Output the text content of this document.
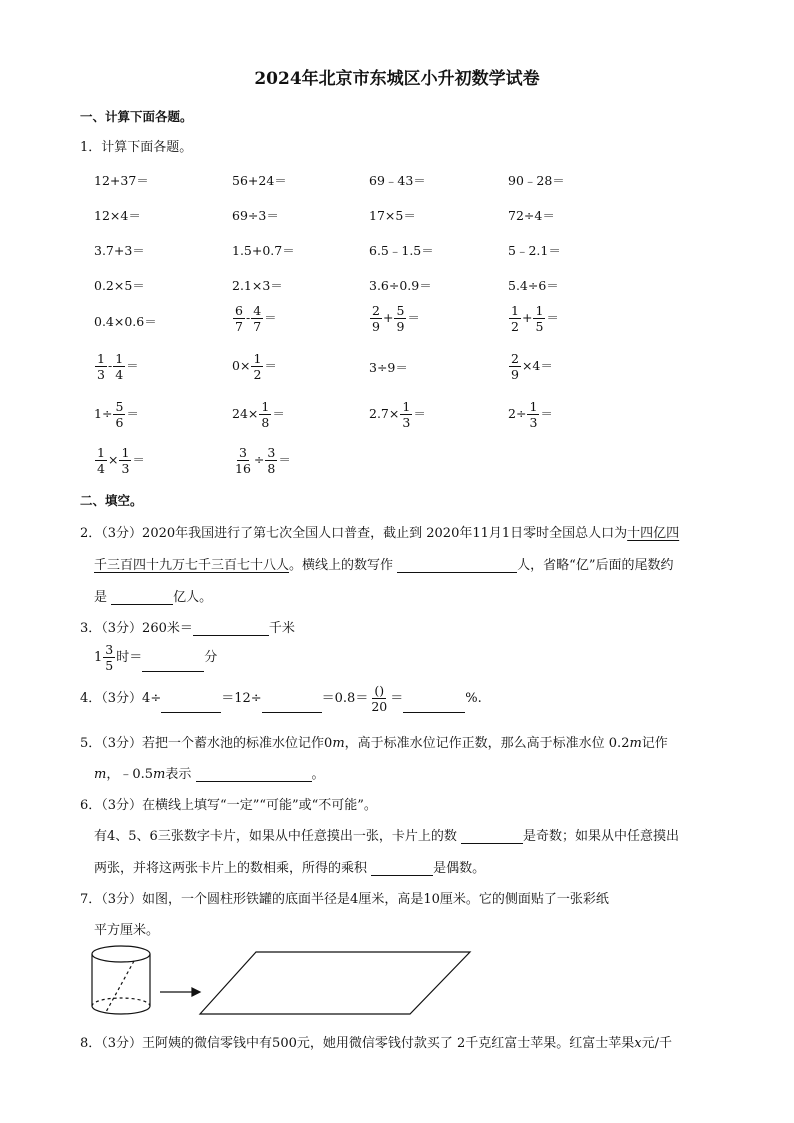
2024年北京市东城区小升初数学试卷
一、计算下面各题。
1．计算下面各题。
12+37＝	56+24＝	69﹣43＝	90﹣28＝
12×4＝	69÷3＝	17×5＝	72÷4＝
3.7+3＝	1.5+0.7＝	6.5﹣1.5＝	5﹣2.1＝
0.2×5＝	2.1×3＝	3.6÷0.9＝	5.4÷6＝
0.4×0.6＝	$\frac{6}{7} - \frac{4}{7}$ ＝	$\frac{2}{9} + \frac{5}{9}$ ＝	$\frac{1}{2} + \frac{1}{5}$ ＝
$\frac{1}{3} - \frac{1}{4}$ ＝	$0\times \frac{1}{2}$ ＝	3÷9＝	$\frac{2}{9} \times 4=$
$1\div \frac{5}{6}$ ＝	$24\times \frac{1}{8}$ ＝	$2.7\times \frac{1}{3}$ ＝	$2\div \frac{1}{3}$ ＝
$\frac{1}{4} \times \frac{1}{3}$ ＝	$\frac{3}{16} \div \frac{3}{8}$ ＝
二、填空。
2．（3分）2020年我国进行了第七次全国人口普查，截止到 2020年11月1日零时全国总人口为十四亿四
千三百四十九万七千三百七十八人。横线上的数写作	人，省略“亿”后面的尾数约
是	亿人。
3．（3分）260米＝	千米
$1 \frac{3}{5}$ 时＝	分
4．（3分）4÷	＝12÷	$=0.8= \frac{()}{20}$ ＝	%.
5．（3分）若把一个蓄水池的标准水位记作0m，高于标准水位记作正数，那么高于标准水位 0.2m记作
m，﹣0.5m表示	。
6．（3分）在横线上填写“一定”“可能”或“不可能”。
有4、5、6三张数字卡片，如果从中任意摸出一张，卡片上的数	是奇数；如果从中任意摸出
两张，并将这两张卡片上的数相乘，所得的乘积	是偶数。
7．（3分）如图，一个圆柱形铁罐的底面半径是4厘米，高是10厘米。它的侧面贴了一张彩纸
平方厘米。
8．（3分）王阿姨的微信零钱中有500元，她用微信零钱付款买了 2千克红富士苹果。红富士苹果x元/千
